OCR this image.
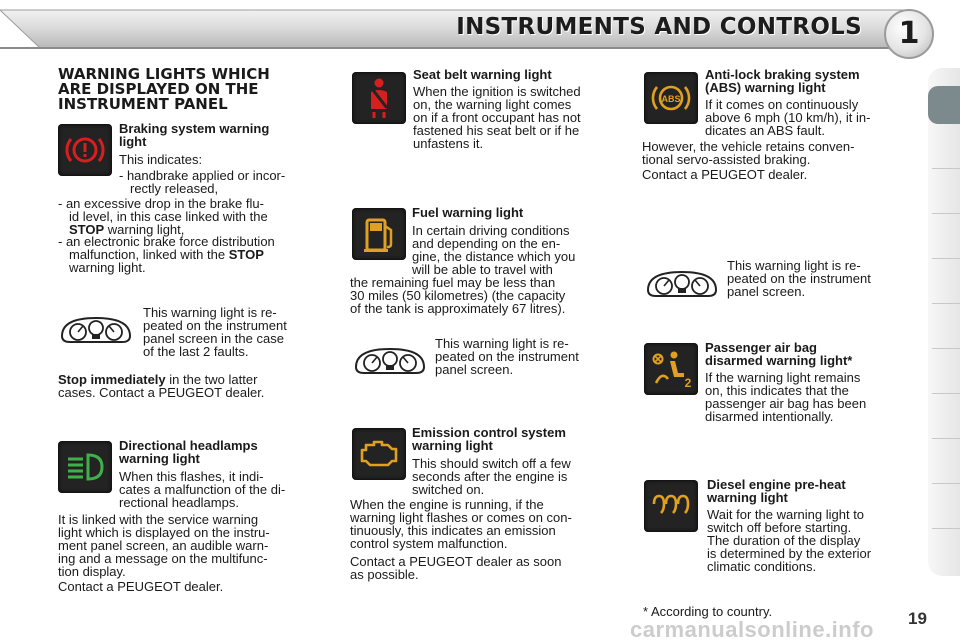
INSTRUMENTS AND CONTROLS	1
WARNING LIGHTS WHICH
ARE DISPLAYED ON THE
INSTRUMENT PANEL
Braking system warning
light
This indicates:
- handbrake applied or incor-
rectly released,
- an excessive drop in the brake flu-
id level, in this case linked with the
STOP warning light,
- an electronic brake force distribution
malfunction, linked with the STOP
warning light.
This warning light is re-
peated on the instrument
panel screen in the case
of the last 2 faults.
Stop immediately in the two latter
cases. Contact a PEUGEOT dealer.
Directional headlamps
warning light
When this flashes, it indi-
cates a malfunction of the di-
rectional headlamps.
It is linked with the service warning
light which is displayed on the instru-
ment panel screen, an audible warn-
ing and a message on the multifunc-
tion display.
Contact a PEUGEOT dealer.
Seat belt warning light
When the ignition is switched
on, the warning light comes
on if a front occupant has not
fastened his seat belt or if he
unfastens it.
Fuel warning light
In certain driving conditions
and depending on the en-
gine, the distance which you
will be able to travel with
the remaining fuel may be less than
30 miles (50 kilometres) (the capacity
of the tank is approximately 67 litres).
This warning light is re-
peated on the instrument
panel screen.
Emission control system
warning light
This should switch off a few
seconds after the engine is
switched on.
When the engine is running, if the
warning light flashes or comes on con-
tinuously, this indicates an emission
control system malfunction.
Contact a PEUGEOT dealer as soon
as possible.
ABS
Anti-lock braking system
(ABS) warning light
If it comes on continuously
above 6 mph (10 km/h), it in-
dicates an ABS fault.
However, the vehicle retains conven-
tional servo-assisted braking.
Contact a PEUGEOT dealer.
This warning light is re-
peated on the instrument
panel screen.
2
Passenger air bag
disarmed warning light*
If the warning light remains
on, this indicates that the
passenger air bag has been
disarmed intentionally.
Diesel engine pre-heat
warning light
Wait for the warning light to
switch off before starting.
The duration of the display
is determined by the exterior
climatic conditions.
* According to country.
carmanualsonline.info 19
